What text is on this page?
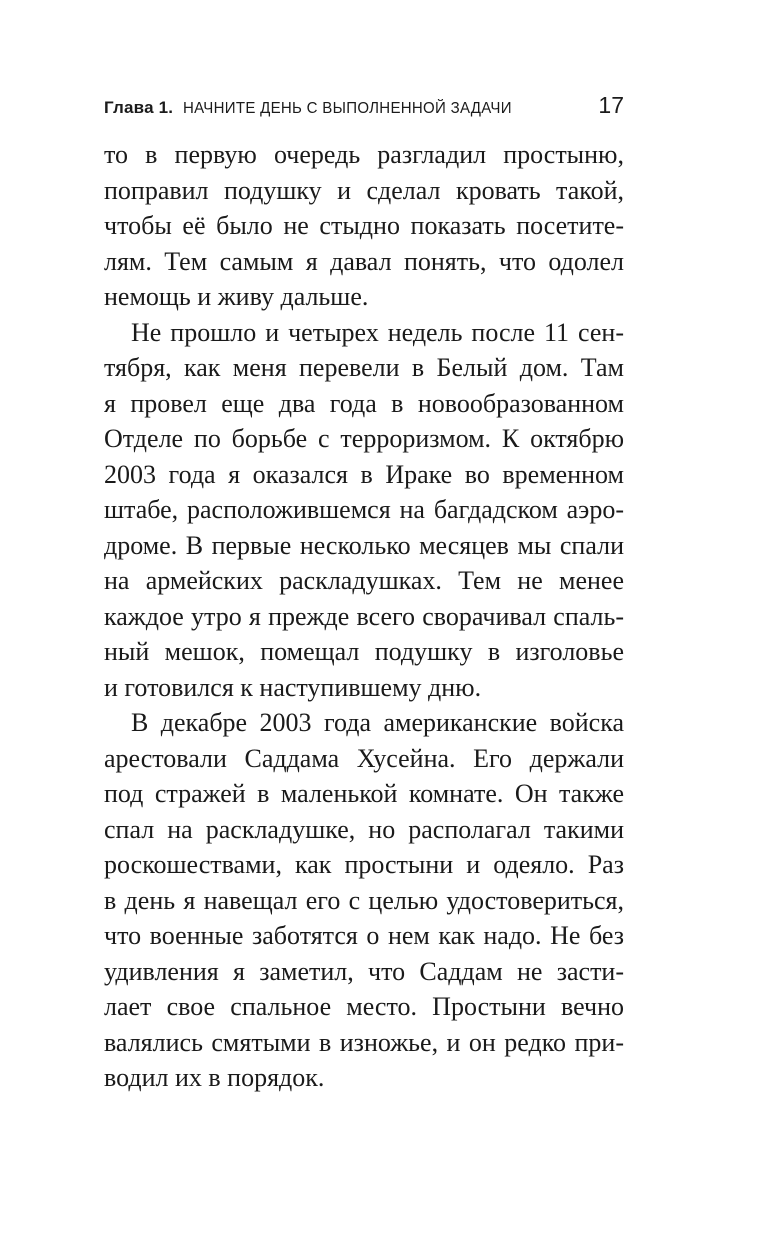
Глава 1. НАЧНИТЕ ДЕНЬ С ВЫПОЛНЕННОЙ ЗАДАЧИ	17
то в первую очередь разгладил простыню,
поправил подушку и сделал кровать такой,
чтобы её было не стыдно показать посетите-
лям. Тем самым я давал понять, что одолел
немощь и живу дальше.
Не прошло и четырех недель после 11 сен-
тября, как меня перевели в Белый дом. Там
я провел еще два года в новообразованном
Отделе по борьбе с терроризмом. К октябрю
2003 года я оказался в Ираке во временном
штабе, расположившемся на багдадском аэро-
дроме. В первые несколько месяцев мы спали
на армейских раскладушках. Тем не менее
каждое утро я прежде всего сворачивал спаль-
ный мешок, помещал подушку в изголовье
и готовился к наступившему дню.
В декабре 2003 года американские войска
арестовали Саддама Хусейна. Его держали
под стражей в маленькой комнате. Он также
спал на раскладушке, но располагал такими
роскошествами, как простыни и одеяло. Раз
в день я навещал его с целью удостовериться,
что военные заботятся о нем как надо. Не без
удивления я заметил, что Саддам не засти-
лает свое спальное место. Простыни вечно
валялись смятыми в изножье, и он редко при-
водил их в порядок.
